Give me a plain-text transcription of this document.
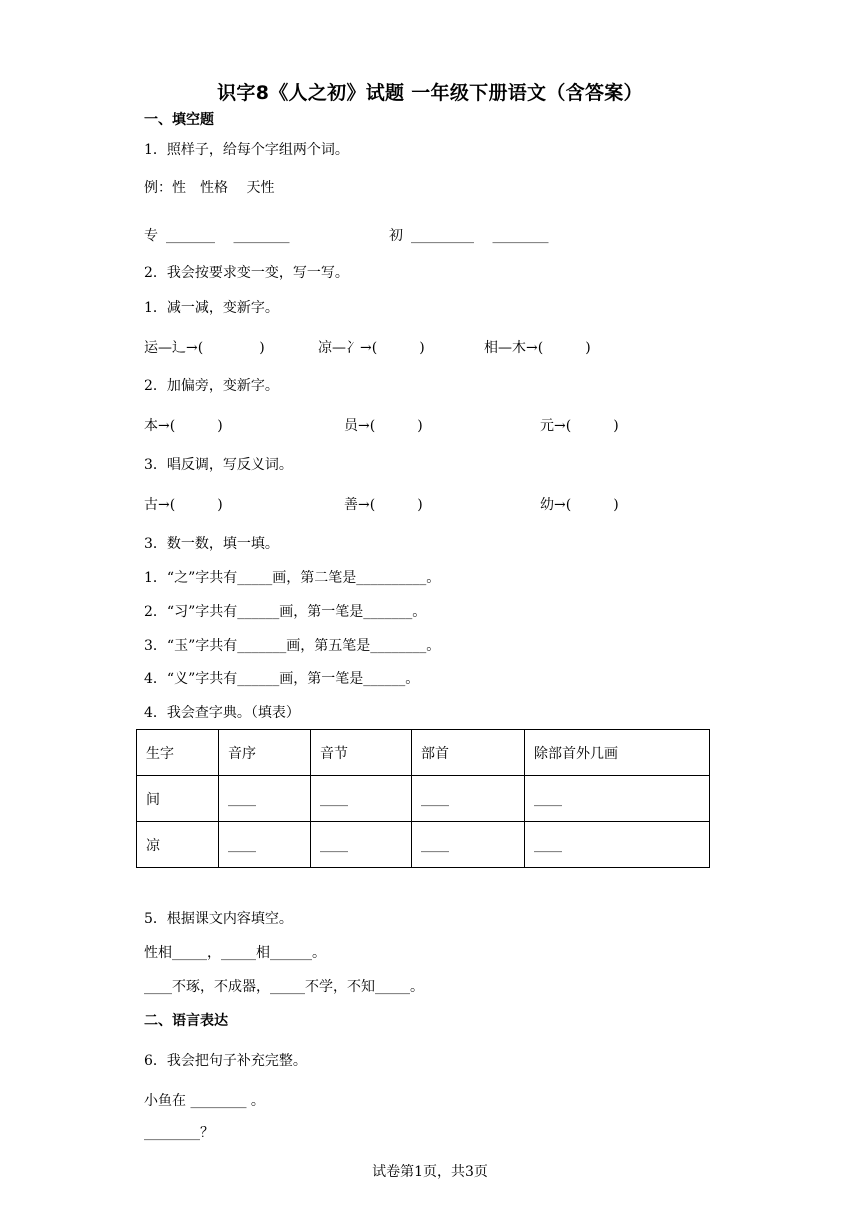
识字8《人之初》试题 一年级下册语文（含答案）
一、填空题
1．照样子，给每个字组两个词。
例：性　性格　 天性
专 _______　 ________	初 _________　 ________
2．我会按要求变一变，写一写。
1．减一减，变新字。
运—辶→(　　　　)	凉—冫→(　　　)	相—木→(　　　)
2．加偏旁，变新字。
本→(　　　)	员→(　　　)	元→(　　　)
3．唱反调，写反义词。
古→(　　　)	善→(　　　)	幼→(　　　)
3．数一数，填一填。
1．“之”字共有_____画，第二笔是__________。
2．“习”字共有______画，第一笔是_______。
3．“玉”字共有_______画，第五笔是________。
4．“义”字共有______画，第一笔是______。
4．我会查字典。（填表）
生字	音序	音节	部首	除部首外几画
间	____	____	____	____
凉	____	____	____	____
5．根据课文内容填空。
性相_____，_____相______。
____不琢，不成器，_____不学，不知_____。
二、语言表达
6．我会把句子补充完整。
小鱼在 ________ 。
________？
试卷第1页，共3页
